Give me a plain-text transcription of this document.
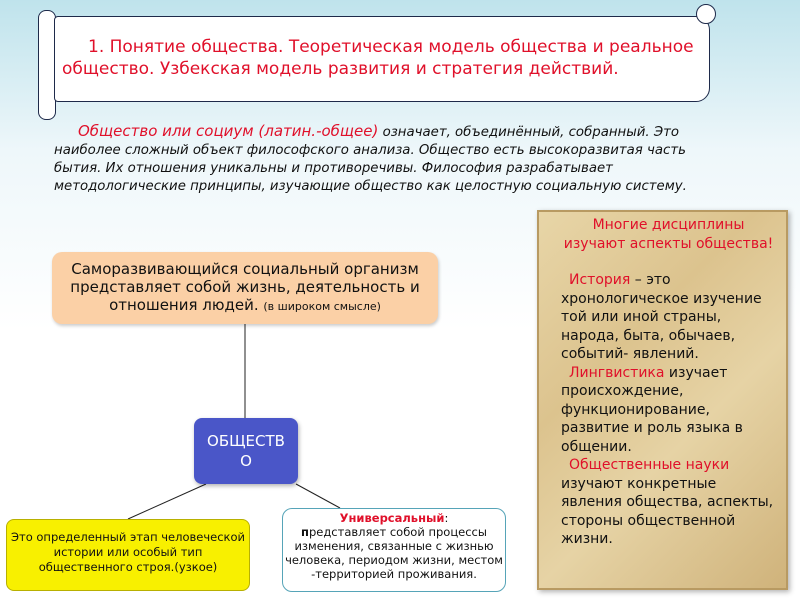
1. Понятие общества. Теоретическая модель общества и реальное
общество. Узбекская модель развития и стратегия действий.

Общество или социум (латин.-общее) означает, объединённый, собранный. Это наиболее сложный объект философского анализа. Общество есть высокоразвитая часть бытия. Их отношения уникальны и противоречивы. Философия разрабатывает методологические принципы, изучающие общество как целостную социальную систему.

Саморазвивающийся социальный организм представляет собой жизнь, деятельность и отношения людей. (в широком смысле)
ОБЩЕСТВО
Это определенный этап человеческой истории или особый тип общественного строя.(узкое)
Универсальный:
представляет собой процессы изменения, связанные с жизнью человека, периодом жизни, местом -территорией проживания.

Многие дисциплины изучают аспекты общества!

История – это хронологическое изучение той или иной страны, народа, быта, обычаев, событий- явлений.

Лингвистика изучает происхождение, функционирование, развитие и роль языка в общении.

Общественные науки
изучают конкретные явления общества, аспекты, стороны общественной жизни.
